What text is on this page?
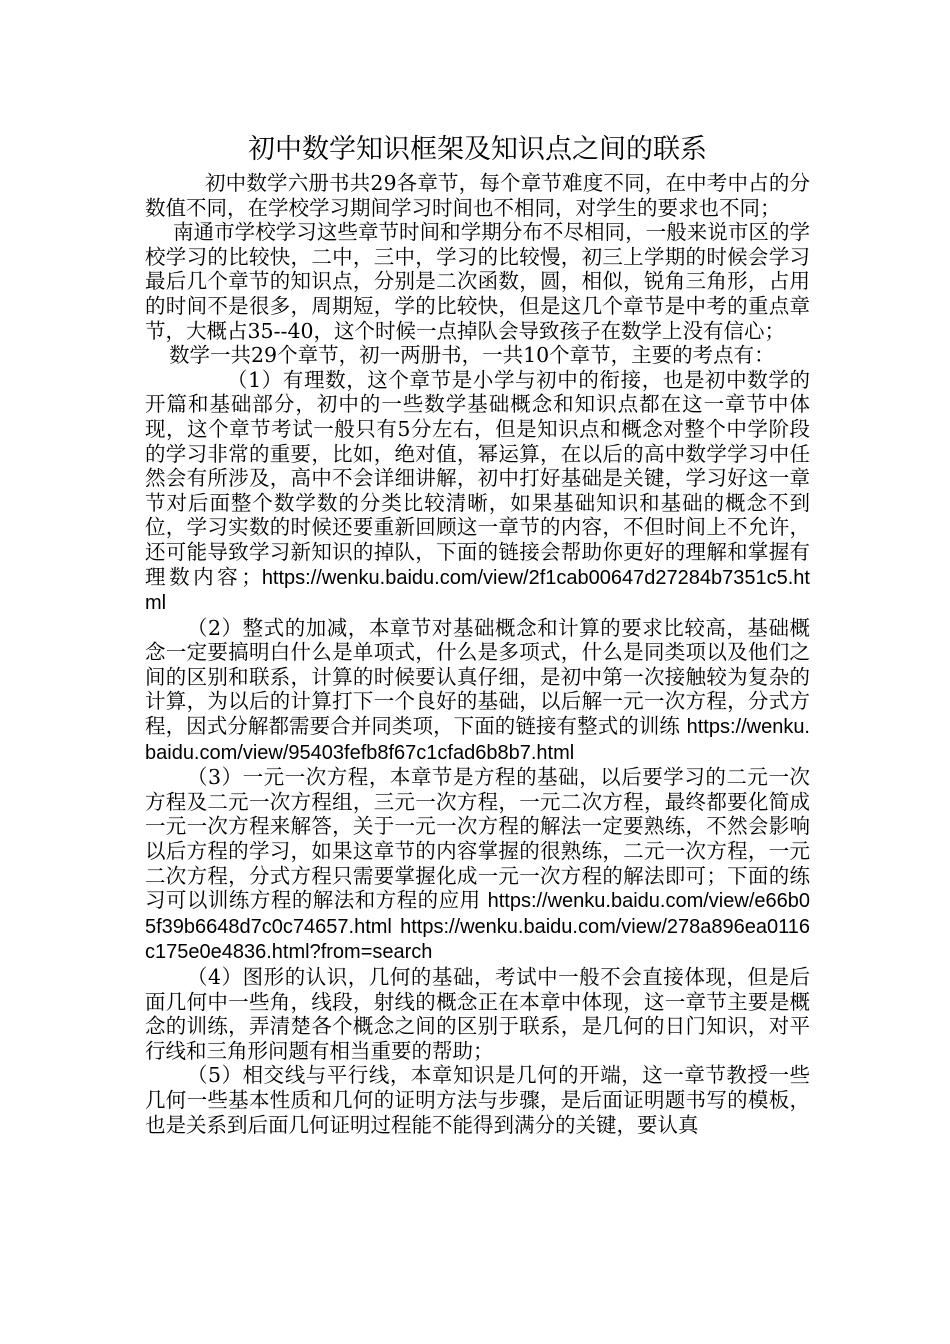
初中数学知识框架及知识点之间的联系

初中数学六册书共29各章节，每个章节难度不同，在中考中占的分数值不同，在学校学习期间学习时间也不相同，对学生的要求也不同；

南通市学校学习这些章节时间和学期分布不尽相同，一般来说市区的学校学习的比较快，二中，三中，学习的比较慢，初三上学期的时候会学习最后几个章节的知识点，分别是二次函数，圆，相似，锐角三角形，占用的时间不是很多，周期短，学的比较快，但是这几个章节是中考的重点章节，大概占35--40，这个时候一点掉队会导致孩子在数学上没有信心；

数学一共29个章节，初一两册书，一共10个章节，主要的考点有：

（1）有理数，这个章节是小学与初中的衔接，也是初中数学的开篇和基础部分，初中的一些数学基础概念和知识点都在这一章节中体现，这个章节考试一般只有5分左右，但是知识点和概念对整个中学阶段的学习非常的重要，比如，绝对值，幂运算，在以后的高中数学学习中任然会有所涉及，高中不会详细讲解，初中打好基础是关键，学习好这一章节对后面整个数学数的分类比较清晰，如果基础知识和基础的概念不到位，学习实数的时候还要重新回顾这一章节的内容，不但时间上不允许，还可能导致学习新知识的掉队，下面的链接会帮助你更好的理解和掌握有理数内容；https://wenku.baidu.com/view/2f1cab00647d27284b7351c5.html

（2）整式的加减，本章节对基础概念和计算的要求比较高，基础概念一定要搞明白什么是单项式，什么是多项式，什么是同类项以及他们之间的区别和联系，计算的时候要认真仔细，是初中第一次接触较为复杂的计算，为以后的计算打下一个良好的基础，以后解一元一次方程，分式方程，因式分解都需要合并同类项，下面的链接有整式的训练 https://wenku.baidu.com/view/95403fefb8f67c1cfad6b8b7.html

（3）一元一次方程，本章节是方程的基础，以后要学习的二元一次方程及二元一次方程组，三元一次方程，一元二次方程，最终都要化简成一元一次方程来解答，关于一元一次方程的解法一定要熟练，不然会影响以后方程的学习，如果这章节的内容掌握的很熟练，二元一次方程，一元二次方程，分式方程只需要掌握化成一元一次方程的解法即可；下面的练习可以训练方程的解法和方程的应用 https://wenku.baidu.com/view/e66b05f39b6648d7c0c74657.html https://wenku.baidu.com/view/278a896ea0116c175e0e4836.html?from=search

（4）图形的认识，几何的基础，考试中一般不会直接体现，但是后面几何中一些角，线段，射线的概念正在本章中体现，这一章节主要是概念的训练，弄清楚各个概念之间的区别于联系，是几何的日门知识，对平行线和三角形问题有相当重要的帮助；

（5）相交线与平行线，本章知识是几何的开端，这一章节教授一些几何一些基本性质和几何的证明方法与步骤，是后面证明题书写的模板，也是关系到后面几何证明过程能不能得到满分的关键，要认真
